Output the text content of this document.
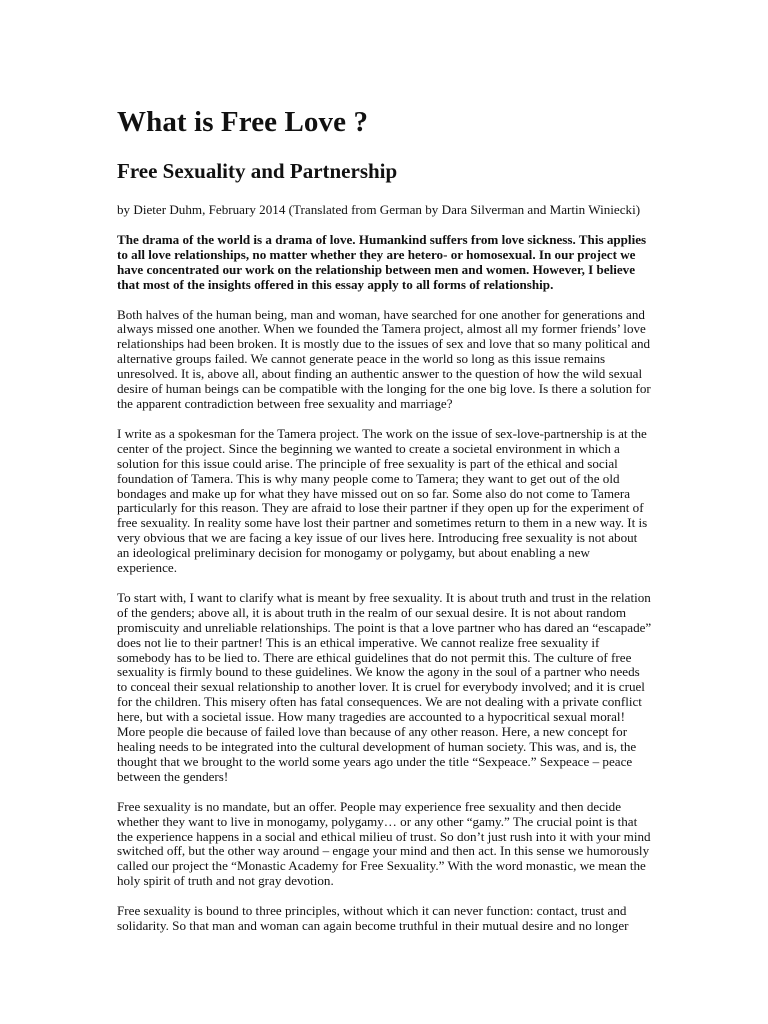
What is Free Love ?
Free Sexuality and Partnership

by Dieter Duhm, February 2014 (Translated from German by Dara Silverman and Martin Winiecki)

The drama of the world is a drama of love. Humankind suffers from love sickness. This applies to all love relationships, no matter whether they are hetero- or homosexual. In our project we have concentrated our work on the relationship between men and women. However, I believe that most of the insights offered in this essay apply to all forms of relationship.

Both halves of the human being, man and woman, have searched for one another for generations and always missed one another. When we founded the Tamera project, almost all my former friends’ love relationships had been broken. It is mostly due to the issues of sex and love that so many political and alternative groups failed. We cannot generate peace in the world so long as this issue remains unresolved. It is, above all, about finding an authentic answer to the question of how the wild sexual desire of human beings can be compatible with the longing for the one big love. Is there a solution for the apparent contradiction between free sexuality and marriage?

I write as a spokesman for the Tamera project. The work on the issue of sex-love-partnership is at the center of the project. Since the beginning we wanted to create a societal environment in which a solution for this issue could arise. The principle of free sexuality is part of the ethical and social foundation of Tamera. This is why many people come to Tamera; they want to get out of the old bondages and make up for what they have missed out on so far. Some also do not come to Tamera particularly for this reason. They are afraid to lose their partner if they open up for the experiment of free sexuality. In reality some have lost their partner and sometimes return to them in a new way. It is very obvious that we are facing a key issue of our lives here. Introducing free sexuality is not about an ideological preliminary decision for monogamy or polygamy, but about enabling a new experience.

To start with, I want to clarify what is meant by free sexuality. It is about truth and trust in the relation of the genders; above all, it is about truth in the realm of our sexual desire. It is not about random promiscuity and unreliable relationships. The point is that a love partner who has dared an “escapade” does not lie to their partner! This is an ethical imperative. We cannot realize free sexuality if somebody has to be lied to. There are ethical guidelines that do not permit this. The culture of free sexuality is firmly bound to these guidelines. We know the agony in the soul of a partner who needs to conceal their sexual relationship to another lover. It is cruel for everybody involved; and it is cruel for the children. This misery often has fatal consequences. We are not dealing with a private conflict here, but with a societal issue. How many tragedies are accounted to a hypocritical sexual moral! More people die because of failed love than because of any other reason. Here, a new concept for healing needs to be integrated into the cultural development of human society. This was, and is, the thought that we brought to the world some years ago under the title “Sexpeace.” Sexpeace – peace between the genders!

Free sexuality is no mandate, but an offer. People may experience free sexuality and then decide whether they want to live in monogamy, polygamy… or any other “gamy.” The crucial point is that the experience happens in a social and ethical milieu of trust. So don’t just rush into it with your mind switched off, but the other way around – engage your mind and then act. In this sense we humorously called our project the “Monastic Academy for Free Sexuality.” With the word monastic, we mean the holy spirit of truth and not gray devotion.

Free sexuality is bound to three principles, without which it can never function: contact, trust and solidarity. So that man and woman can again become truthful in their mutual desire and no longer
